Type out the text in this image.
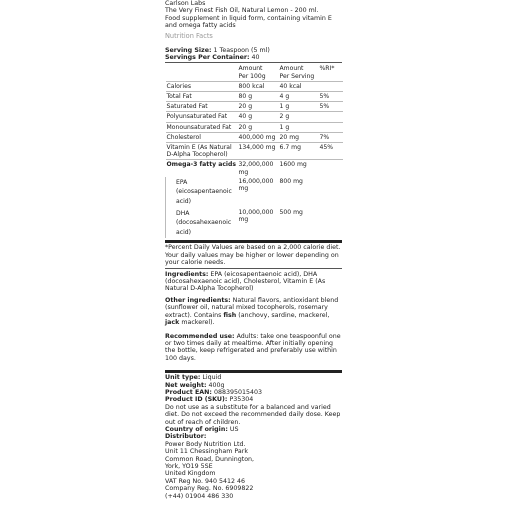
Carlson Labs

The Very Finest Fish Oil, Natural Lemon - 200 ml.

Food supplement in liquid form, containing vitamin E and omega fatty acids

Nutrition Facts

Serving Size: 1 Teaspoon (5 ml)

Servings Per Container: 40

	Amount
Per 100g	Amount
Per Serving	%RI*
Calories	800 kcal	40 kcal	
Total Fat	80 g	4 g	5%
Saturated Fat	20 g	1 g	5%
Polyunsaturated Fat	40 g	2 g	
Monounsaturated Fat	20 g	1 g	
Cholesterol	400,000 mg	20 mg	7%
Vitamin E (As Natural D-Alpha Tocopherol)	134,000 mg	6.7 mg	45%
Omega-3 fatty acids	32,000,000 mg	1600 mg	
EPA (eicosapentaenoic acid)	16,000,000 mg	800 mg	
DHA (docosahexaenoic acid)	10,000,000 mg	500 mg	

*Percent Daily Values are based on a 2,000 calorie diet. Your daily values may be higher or lower depending on your calorie needs.

Ingredients: EPA (eicosapentaenoic acid), DHA (docosahexaenoic acid), Cholesterol, Vitamin E (As Natural D-Alpha Tocopherol)

Other ingredients: Natural flavors, antioxidant blend (sunflower oil, natural mixed tocopherols, rosemary extract). Contains fish (anchovy, sardine, mackerel, jack mackerel).

Recommended use: Adults: take one teaspoonful one or two times daily at mealtime. After initially opening the bottle, keep refrigerated and preferably use within 100 days.

Unit type: Liquid

Net weight: 400g

Product EAN: 088395015403

Product ID (SKU): P35304

Do not use as a substitute for a balanced and varied diet. Do not exceed the recommended daily dose. Keep out of reach of children.

Country of origin: US

Distributor:

Power Body Nutrition Ltd.

Unit 11 Chessingham Park

Common Road, Dunnington,

York, YO19 5SE

United Kingdom

VAT Reg No. 940 5412 46

Company Reg. No. 6909822

(+44) 01904 486 330
